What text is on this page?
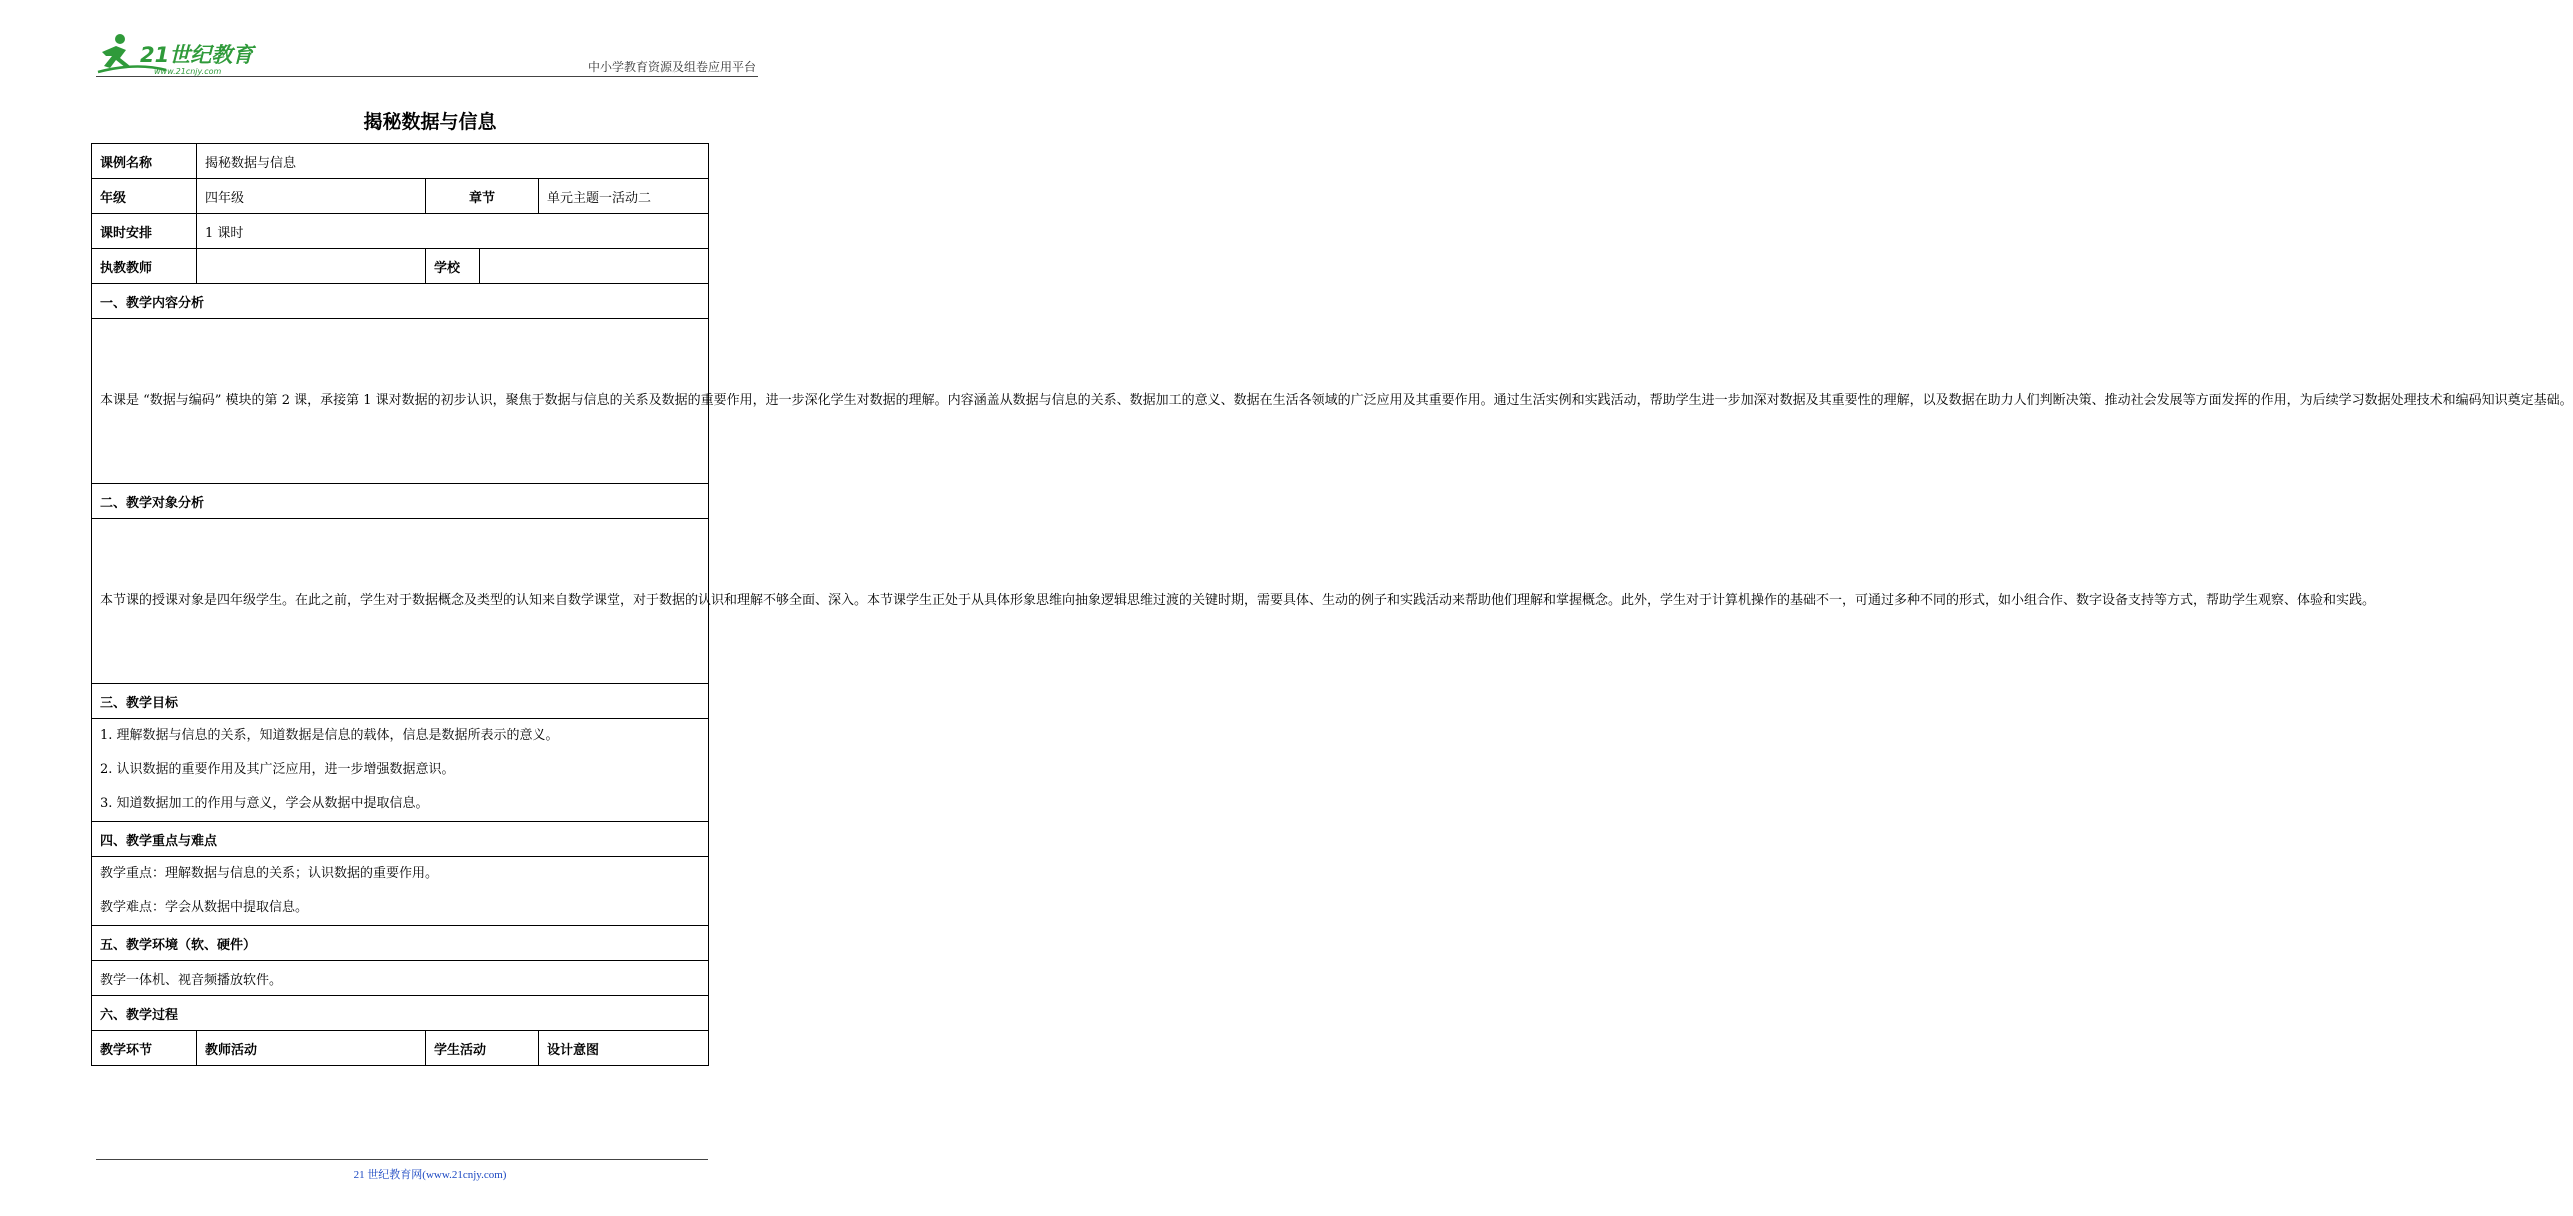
21世纪教育
www.21cnjy.com	中小学教育资源及组卷应用平台
揭秘数据与信息
课例名称	揭秘数据与信息			
年级	四年级	章节		单元主题一活动二
课时安排	1 课时			
执教教师		学校		
一、教学内容分析				
本课是 “数据与编码” 模块的第 2 课，承接第 1 课对数据的初步认识，聚焦于数据与信息的关系及数据的重要作用，进一步深化学生对数据的理解。内容涵盖从数据与信息的关系、数据加工的意义、数据在生活各领域的广泛应用及其重要作用。通过生活实例和实践活动，帮助学生进一步加深对数据及其重要性的理解，以及数据在助力人们判断决策、推动社会发展等方面发挥的作用，为后续学习数据处理技术和编码知识奠定基础。				
二、教学对象分析				
本节课的授课对象是四年级学生。在此之前，学生对于数据概念及类型的认知来自数学课堂，对于数据的认识和理解不够全面、深入。本节课学生正处于从具体形象思维向抽象逻辑思维过渡的关键时期，需要具体、生动的例子和实践活动来帮助他们理解和掌握概念。此外，学生对于计算机操作的基础不一，可通过多种不同的形式，如小组合作、数字设备支持等方式，帮助学生观察、体验和实践。				
三、教学目标				

1. 理解数据与信息的关系，知道数据是信息的载体，信息是数据所表示的意义。
2. 认识数据的重要作用及其广泛应用，进一步增强数据意识。
3. 知道数据加工的作用与意义，学会从数据中提取信息。				

四、教学重点与难点				

教学重点：理解数据与信息的关系；认识数据的重要作用。
教学难点：学会从数据中提取信息。				

五、教学环境（软、硬件）				
教学一体机、视音频播放软件。				
六、教学过程				
教学环节	教师活动	学生活动		设计意图
21 世纪教育网(www.21cnjy.com)
